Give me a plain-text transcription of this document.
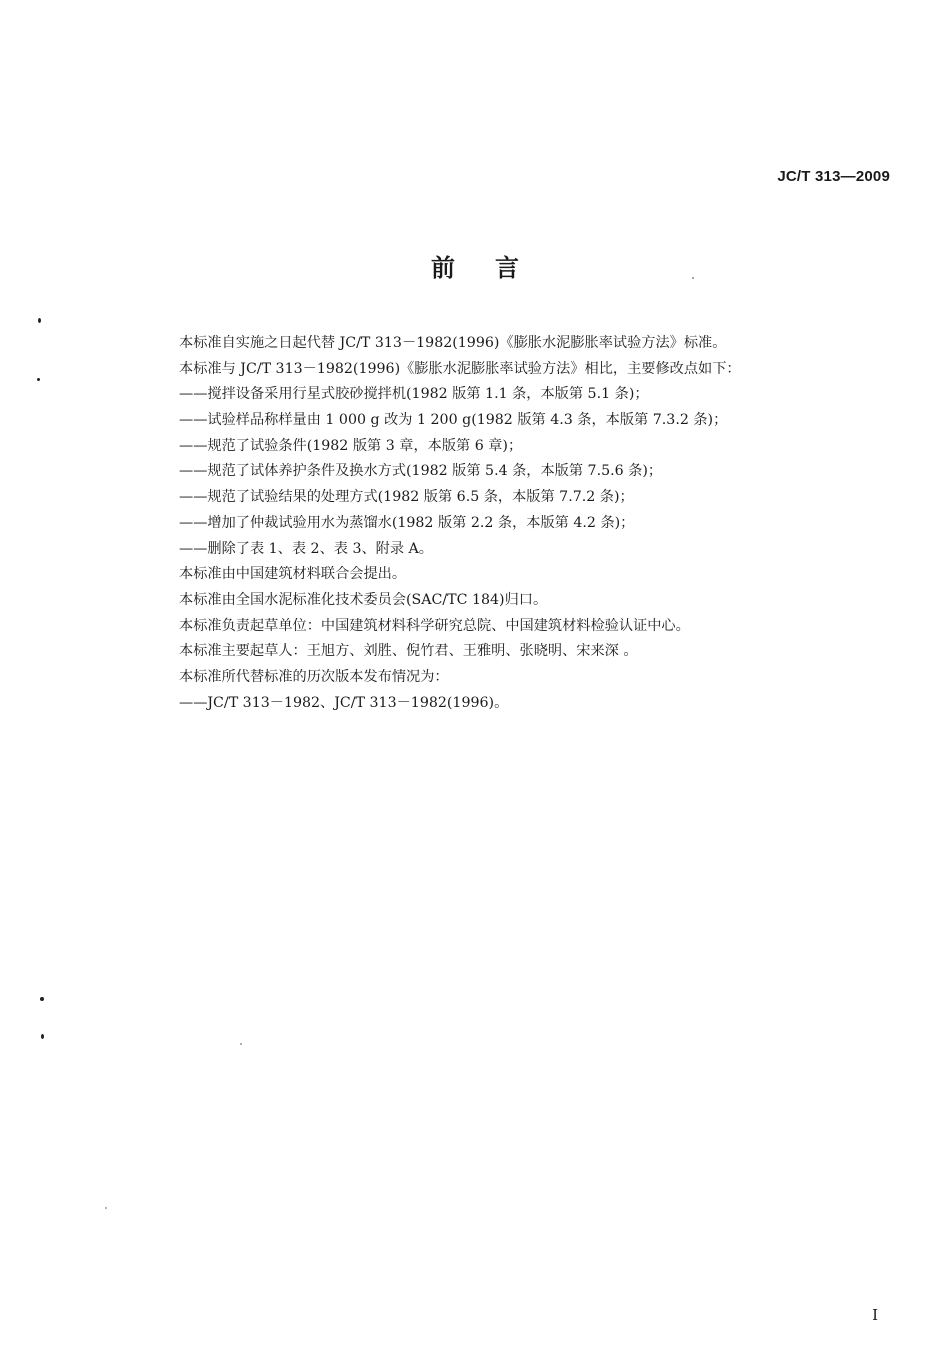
JC/T 313—2009
前言
本标准自实施之日起代替 JC/T 313－1982(1996)《膨胀水泥膨胀率试验方法》标准。
本标准与 JC/T 313－1982(1996)《膨胀水泥膨胀率试验方法》相比，主要修改点如下：
——搅拌设备采用行星式胶砂搅拌机(1982 版第 1.1 条，本版第 5.1 条)；
——试验样品称样量由 1 000 g 改为 1 200 g(1982 版第 4.3 条，本版第 7.3.2 条)；
——规范了试验条件(1982 版第 3 章，本版第 6 章)；
——规范了试体养护条件及换水方式(1982 版第 5.4 条，本版第 7.5.6 条)；
——规范了试验结果的处理方式(1982 版第 6.5 条，本版第 7.7.2 条)；
——增加了仲裁试验用水为蒸馏水(1982 版第 2.2 条，本版第 4.2 条)；
——删除了表 1、表 2、表 3、附录 A。
本标准由中国建筑材料联合会提出。
本标准由全国水泥标准化技术委员会(SAC/TC 184)归口。
本标准负责起草单位：中国建筑材料科学研究总院、中国建筑材料检验认证中心。
本标准主要起草人：王旭方、刘胜、倪竹君、王雅明、张晓明、宋来深 。
本标准所代替标准的历次版本发布情况为：
——JC/T 313－1982、JC/T 313－1982(1996)。
I
